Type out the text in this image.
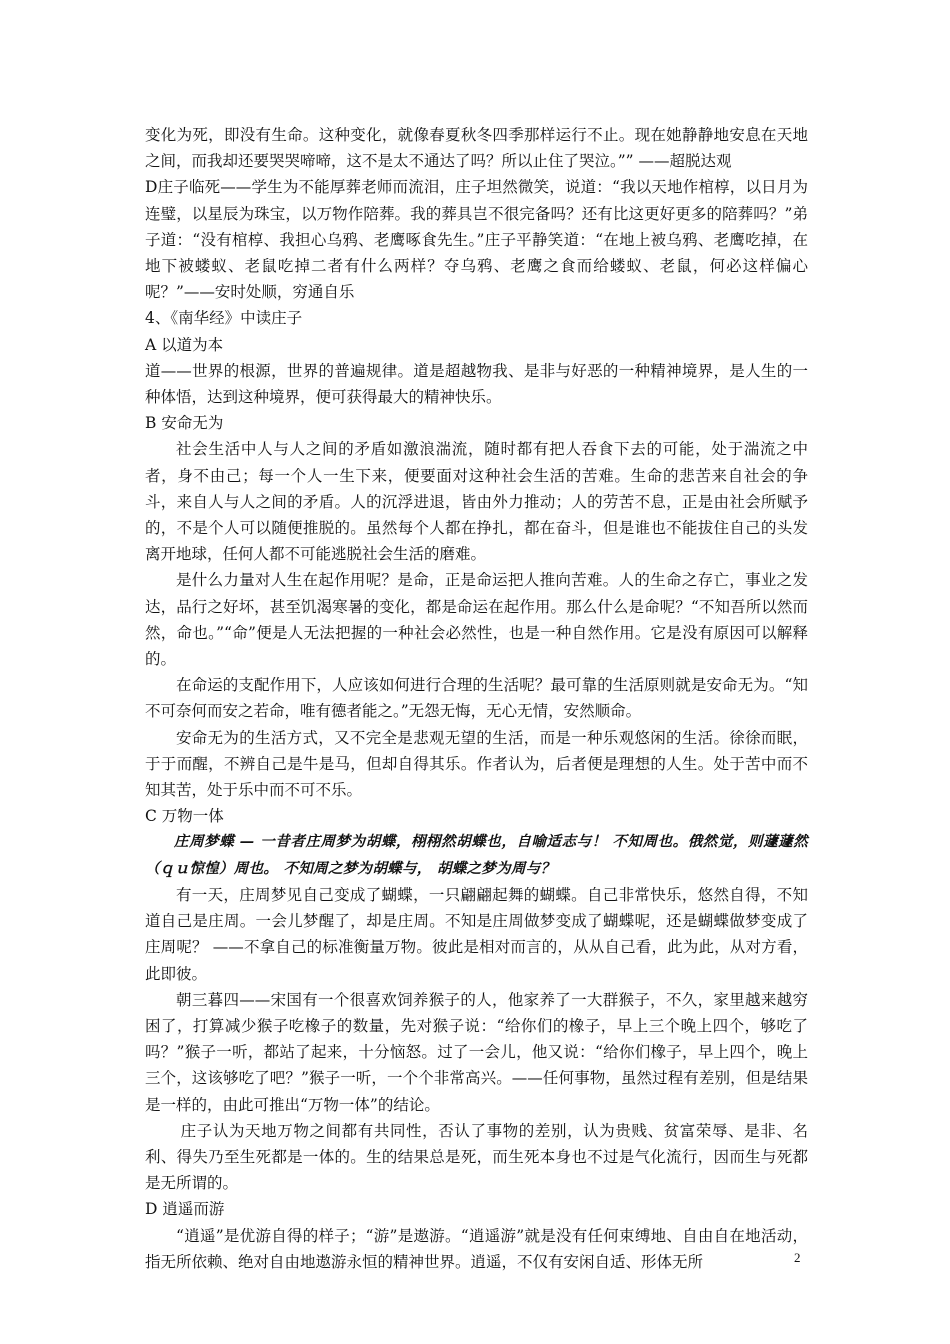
变化为死，即没有生命。这种变化，就像春夏秋冬四季那样运行不止。现在她静静地安息在天地之间，而我却还要哭哭啼啼，这不是太不通达了吗？所以止住了哭泣。”” ——超脱达观

D庄子临死——学生为不能厚葬老师而流泪，庄子坦然微笑，说道：“我以天地作棺椁，以日月为连璧，以星辰为珠宝，以万物作陪葬。我的葬具岂不很完备吗？还有比这更好更多的陪葬吗？”弟子道：“没有棺椁、我担心乌鸦、老鹰啄食先生。”庄子平静笑道：“在地上被乌鸦、老鹰吃掉，在地下被蝼蚁、老鼠吃掉二者有什么两样？夺乌鸦、老鹰之食而给蝼蚁、老鼠，何必这样偏心呢？”——安时处顺，穷通自乐

4、《南华经》中读庄子

A 以道为本

道——世界的根源，世界的普遍规律。道是超越物我、是非与好恶的一种精神境界，是人生的一种体悟，达到这种境界，便可获得最大的精神快乐。

B 安命无为

社会生活中人与人之间的矛盾如激浪湍流，随时都有把人吞食下去的可能，处于湍流之中者，身不由己；每一个人一生下来，便要面对这种社会生活的苦难。生命的悲苦来自社会的争斗，来自人与人之间的矛盾。人的沉浮进退，皆由外力推动；人的劳苦不息，正是由社会所赋予的，不是个人可以随便推脱的。虽然每个人都在挣扎，都在奋斗，但是谁也不能拔住自己的头发离开地球，任何人都不可能逃脱社会生活的磨难。

是什么力量对人生在起作用呢？是命，正是命运把人推向苦难。人的生命之存亡，事业之发达，品行之好坏，甚至饥渴寒暑的变化，都是命运在起作用。那么什么是命呢？“不知吾所以然而然，命也。”“命”便是人无法把握的一种社会必然性，也是一种自然作用。它是没有原因可以解释的。

在命运的支配作用下，人应该如何进行合理的生活呢？最可靠的生活原则就是安命无为。“知不可奈何而安之若命，唯有德者能之。”无怨无悔，无心无情，安然顺命。

安命无为的生活方式，又不完全是悲观无望的生活，而是一种乐观悠闲的生活。徐徐而眠，于于而醒，不辨自己是牛是马，但却自得其乐。作者认为，后者便是理想的人生。处于苦中而不知其苦，处于乐中而不可不乐。

C 万物一体

庄周梦蝶 — 一昔者庄周梦为胡蝶，栩栩然胡蝶也，自喻适志与！ 不知周也。俄然觉，则蘧蘧然（ｑｕ́惊惶）周也。 不知周之梦为胡蝶与， 胡蝶之梦为周与？

有一天，庄周梦见自己变成了蝴蝶，一只翩翩起舞的蝴蝶。自己非常快乐，悠然自得，不知道自己是庄周。一会儿梦醒了，却是庄周。不知是庄周做梦变成了蝴蝶呢，还是蝴蝶做梦变成了庄周呢？ ——不拿自己的标准衡量万物。彼此是相对而言的，从从自己看，此为此，从对方看，此即彼。

朝三暮四——宋国有一个很喜欢饲养猴子的人，他家养了一大群猴子，不久，家里越来越穷困了，打算减少猴子吃橡子的数量，先对猴子说：“给你们的橡子，早上三个晚上四个，够吃了吗？”猴子一听，都站了起来，十分恼怒。过了一会儿，他又说：“给你们橡子，早上四个，晚上三个，这该够吃了吧？”猴子一听，一个个非常高兴。——任何事物，虽然过程有差别，但是结果是一样的，由此可推出“万物一体”的结论。

庄子认为天地万物之间都有共同性，否认了事物的差别，认为贵贱、贫富荣辱、是非、名利、得失乃至生死都是一体的。生的结果总是死，而生死本身也不过是气化流行，因而生与死都是无所谓的。

D 逍遥而游

“逍遥”是优游自得的样子；“游”是遨游。“逍遥游”就是没有任何束缚地、自由自在地活动，指无所依赖、绝对自由地遨游永恒的精神世界。逍遥，不仅有安闲自适、形体无所	2
